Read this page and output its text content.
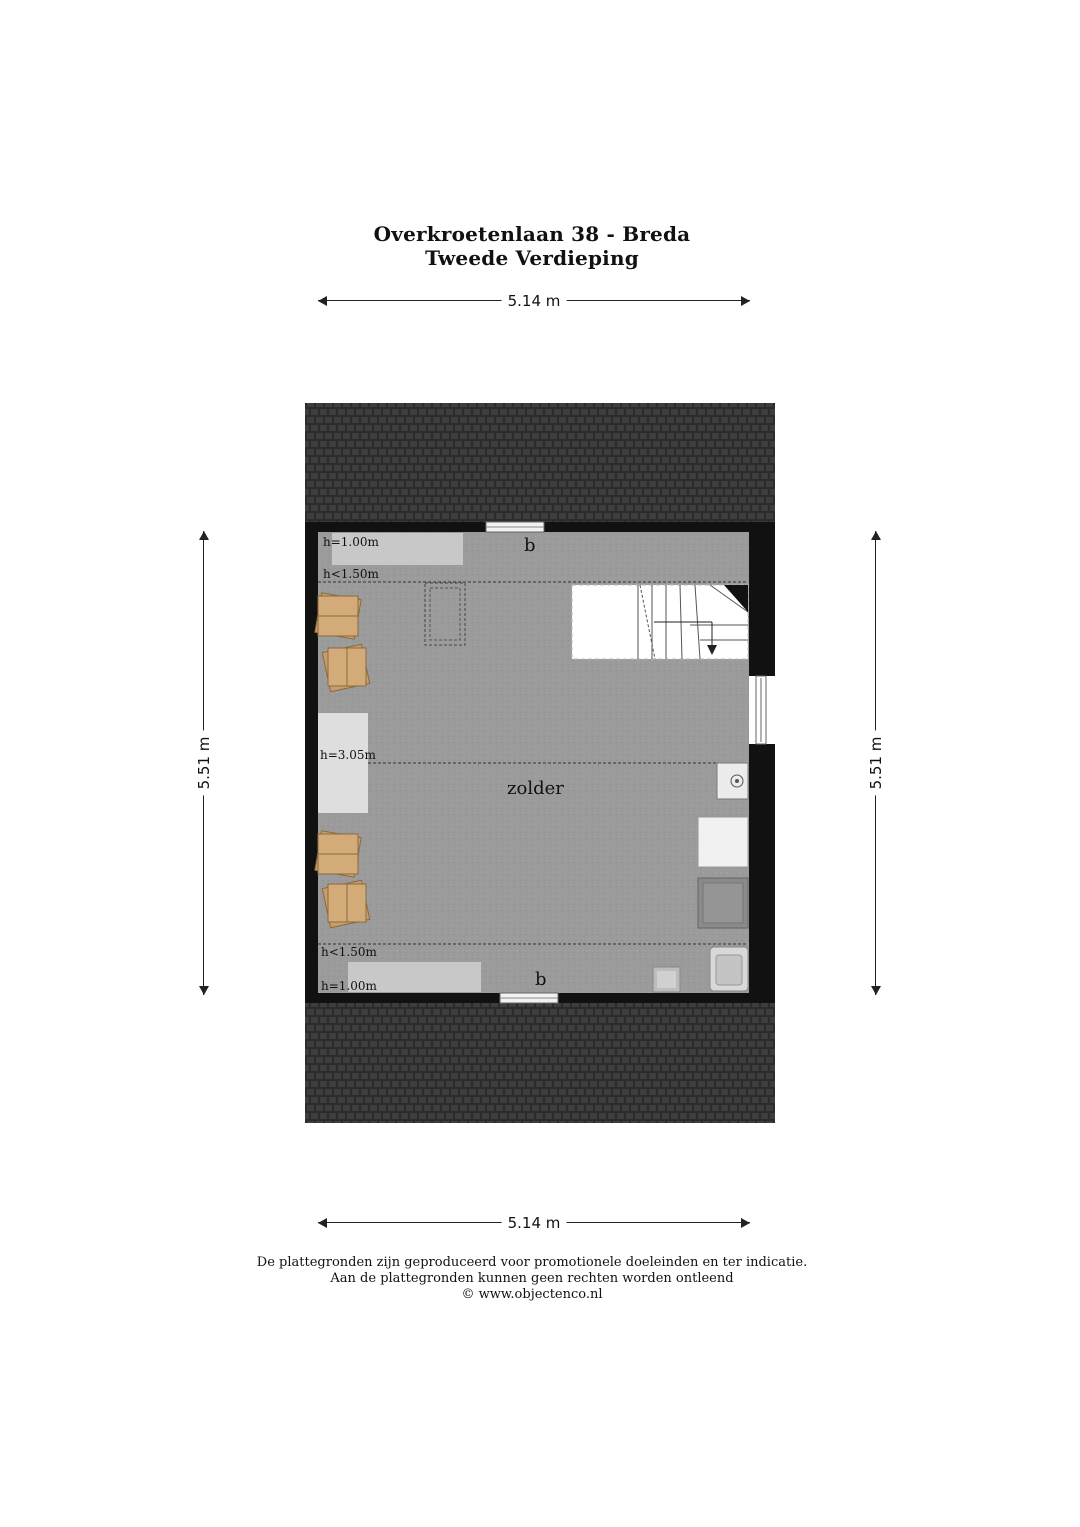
Overkroetenlaan 38 - Breda
Tweede Verdieping
5.14 m
h=1.00m
h<1.50m
h=3.05m
h<1.50m
h=1.00m
zolder
b
b
5.51 m	5.51 m
5.14 m
De plattegronden zijn geproduceerd voor promotionele doeleinden en ter indicatie.
Aan de plattegronden kunnen geen rechten worden ontleend
© www.objectenco.nl
